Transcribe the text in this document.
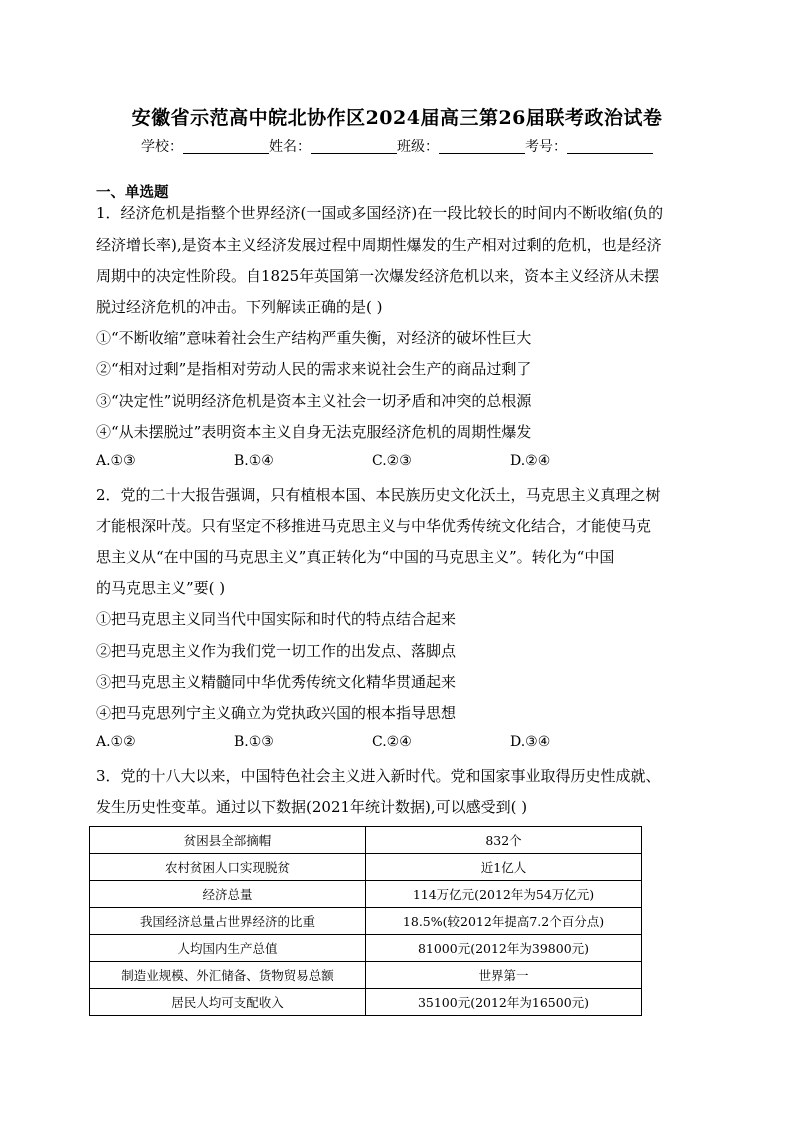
安徽省示范高中皖北协作区2024届高三第26届联考政治试卷
学校：	姓名：	班级：	考号：
一、单选题
1．经济危机是指整个世界经济(一国或多国经济)在一段比较长的时间内不断收缩(负的
经济增长率),是资本主义经济发展过程中周期性爆发的生产相对过剩的危机，也是经济
周期中的决定性阶段。自1825年英国第一次爆发经济危机以来，资本主义经济从未摆
脱过经济危机的冲击。下列解读正确的是( )
①“不断收缩”意味着社会生产结构严重失衡，对经济的破坏性巨大
②“相对过剩”是指相对劳动人民的需求来说社会生产的商品过剩了
③“决定性”说明经济危机是资本主义社会一切矛盾和冲突的总根源
④“从未摆脱过”表明资本主义自身无法克服经济危机的周期性爆发
A.①③	B.①④	C.②③	D.②④
2．党的二十大报告强调，只有植根本国、本民族历史文化沃土，马克思主义真理之树
才能根深叶茂。只有坚定不移推进马克思主义与中华优秀传统文化结合，才能使马克
思主义从“在中国的马克思主义”真正转化为“中国的马克思主义”。转化为“中国
的马克思主义”要( )
①把马克思主义同当代中国实际和时代的特点结合起来
②把马克思主义作为我们党一切工作的出发点、落脚点
③把马克思主义精髓同中华优秀传统文化精华贯通起来
④把马克思列宁主义确立为党执政兴国的根本指导思想
A.①②	B.①③	C.②④	D.③④
3．党的十八大以来，中国特色社会主义进入新时代。党和国家事业取得历史性成就、
发生历史性变革。通过以下数据(2021年统计数据),可以感受到( )
贫困县全部摘帽	832个
农村贫困人口实现脱贫	近1亿人
经济总量	114万亿元(2012年为54万亿元)
我国经济总量占世界经济的比重	18.5%(较2012年提高7.2个百分点)
人均国内生产总值	81000元(2012年为39800元)
制造业规模、外汇储备、货物贸易总额	世界第一
居民人均可支配收入	35100元(2012年为16500元)
